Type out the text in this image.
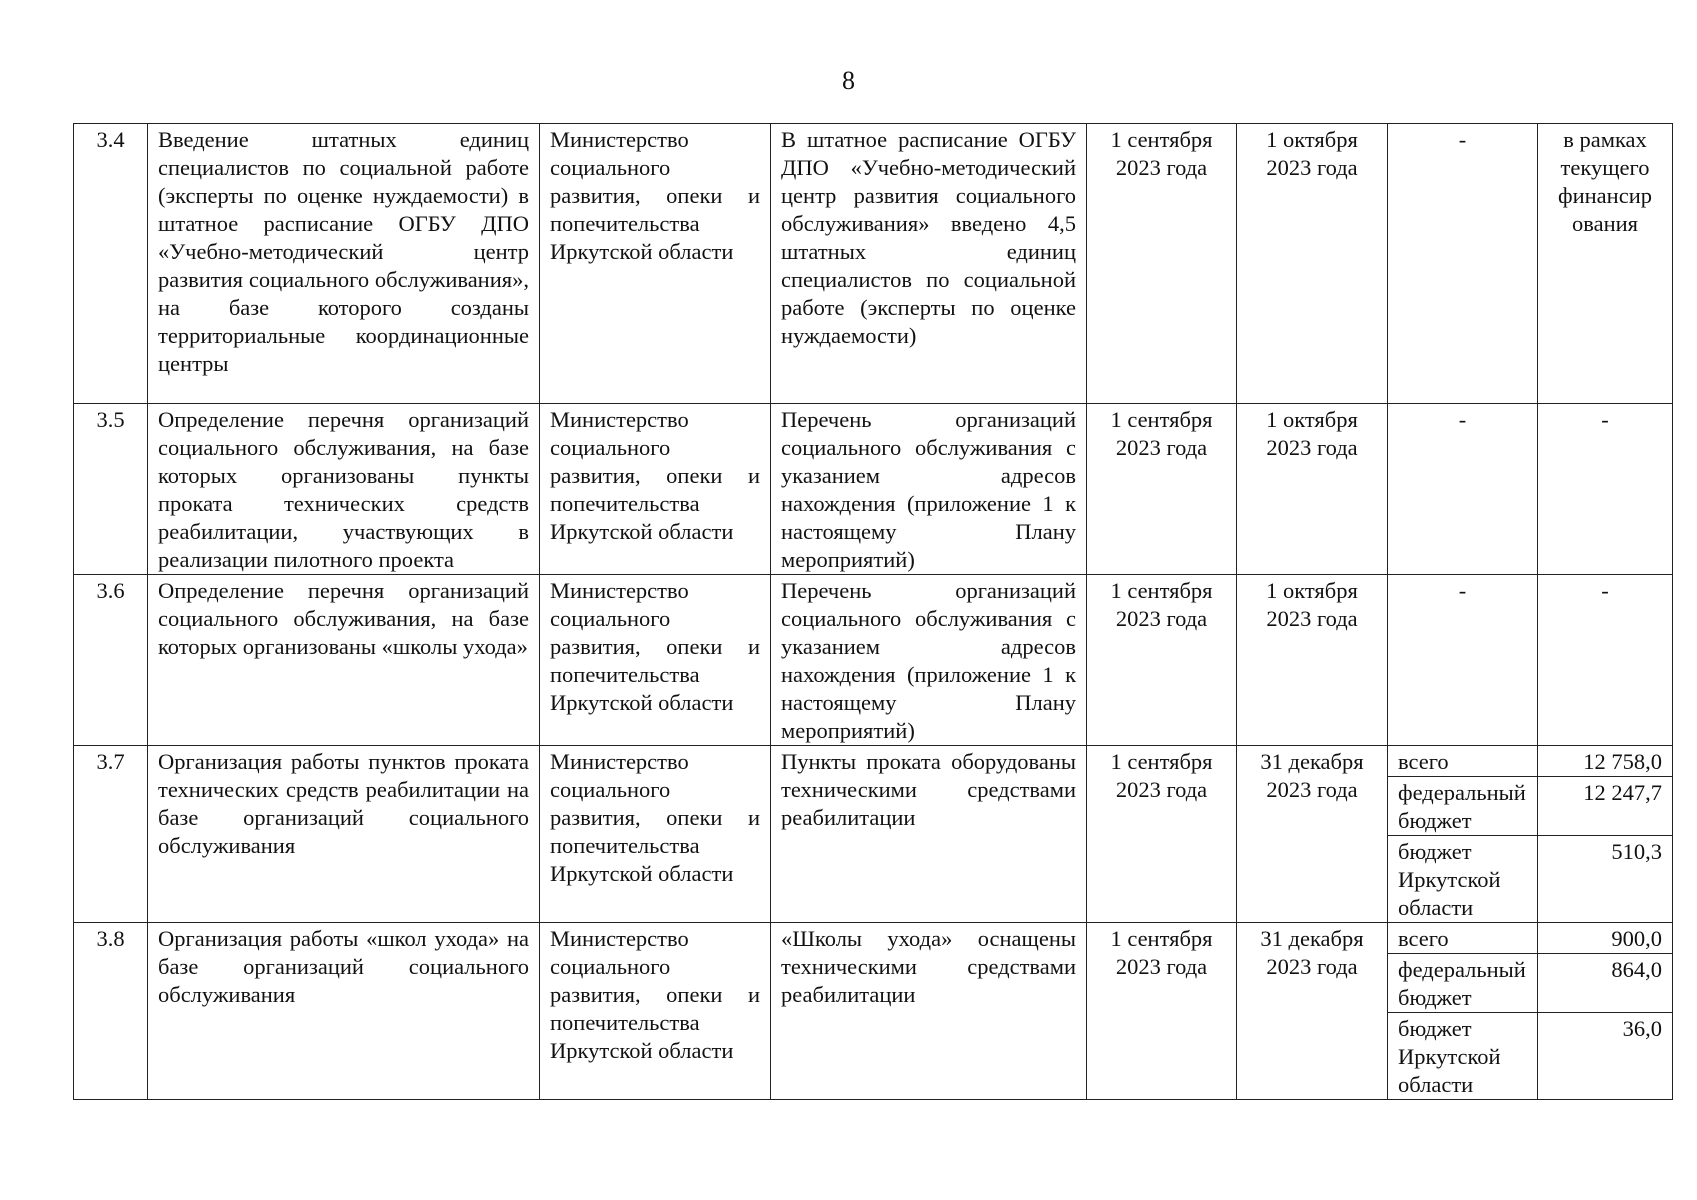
8
3.4	Введение штатных единиц специалистов по социальной работе (эксперты по оценке нуждаемости) в штатное расписание ОГБУ ДПО «Учебно-методический центр развития социального обслуживания», на базе которого созданы территориальные координационные центры	Министерство социального развития, опеки и попечительства Иркутской области	В штатное расписание ОГБУ ДПО «Учебно-методический центр развития социального обслуживания» введено 4,5 штатных единиц специалистов по социальной работе (эксперты по оценке нуждаемости)	1 сентября 2023 года	1 октября 2023 года	-	в рамках текущего финансир ования
3.5	Определение перечня организаций социального обслуживания, на базе которых организованы пункты проката технических средств реабилитации, участвующих в реализации пилотного проекта	Министерство социального развития, опеки и попечительства Иркутской области	Перечень организаций социального обслуживания с указанием адресов нахождения (приложение 1 к настоящему Плану мероприятий)	1 сентября 2023 года	1 октября 2023 года	-	-
3.6	Определение перечня организаций социального обслуживания, на базе которых организованы «школы ухода»	Министерство социального развития, опеки и попечительства Иркутской области	Перечень организаций социального обслуживания с указанием адресов нахождения (приложение 1 к настоящему Плану мероприятий)	1 сентября 2023 года	1 октября 2023 года	-	-
3.7	Организация работы пунктов проката технических средств реабилитации на базе организаций социального обслуживания	Министерство социального развития, опеки и попечительства Иркутской области	Пункты проката оборудованы техническими средствами реабилитации	1 сентября 2023 года	31 декабря 2023 года	всего	12 758,0
						федеральный бюджет	12 247,7
						бюджет Иркутской области	510,3
3.8	Организация работы «школ ухода» на базе организаций социального обслуживания	Министерство социального развития, опеки и попечительства Иркутской области	«Школы ухода» оснащены техническими средствами реабилитации	1 сентября 2023 года	31 декабря 2023 года	всего	900,0
						федеральный бюджет	864,0
						бюджет Иркутской области	36,0
